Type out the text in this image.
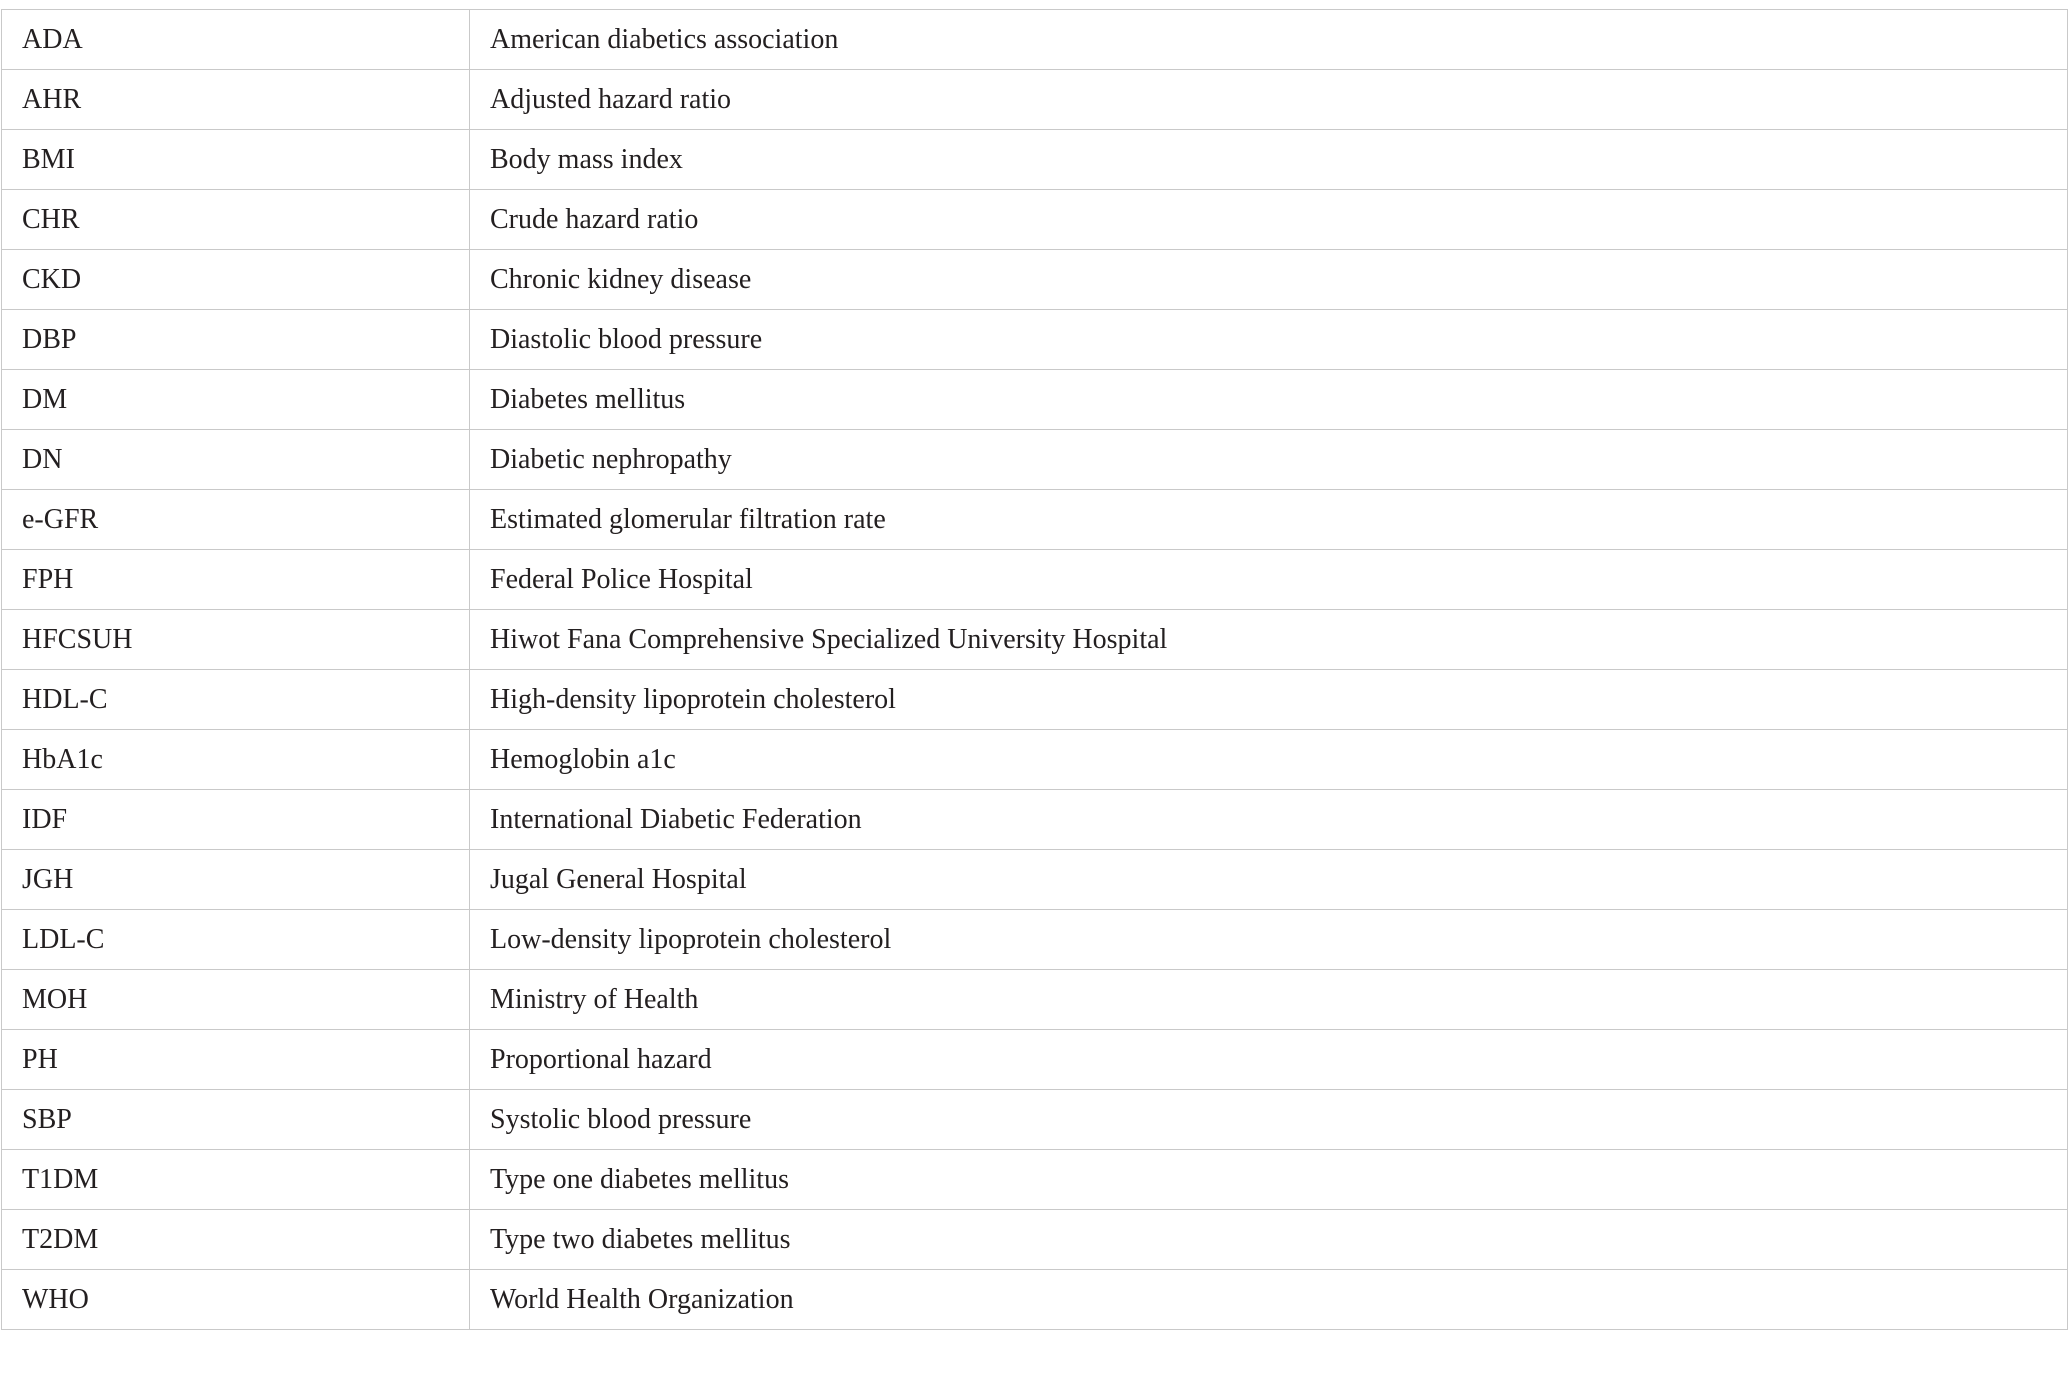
ADA	American diabetics association
AHR	Adjusted hazard ratio
BMI	Body mass index
CHR	Crude hazard ratio
CKD	Chronic kidney disease
DBP	Diastolic blood pressure
DM	Diabetes mellitus
DN	Diabetic nephropathy
e-GFR	Estimated glomerular filtration rate
FPH	Federal Police Hospital
HFCSUH	Hiwot Fana Comprehensive Specialized University Hospital
HDL-C	High-density lipoprotein cholesterol
HbA1c	Hemoglobin a1c
IDF	International Diabetic Federation
JGH	Jugal General Hospital
LDL-C	Low-density lipoprotein cholesterol
MOH	Ministry of Health
PH	Proportional hazard
SBP	Systolic blood pressure
T1DM	Type one diabetes mellitus
T2DM	Type two diabetes mellitus
WHO	World Health Organization
